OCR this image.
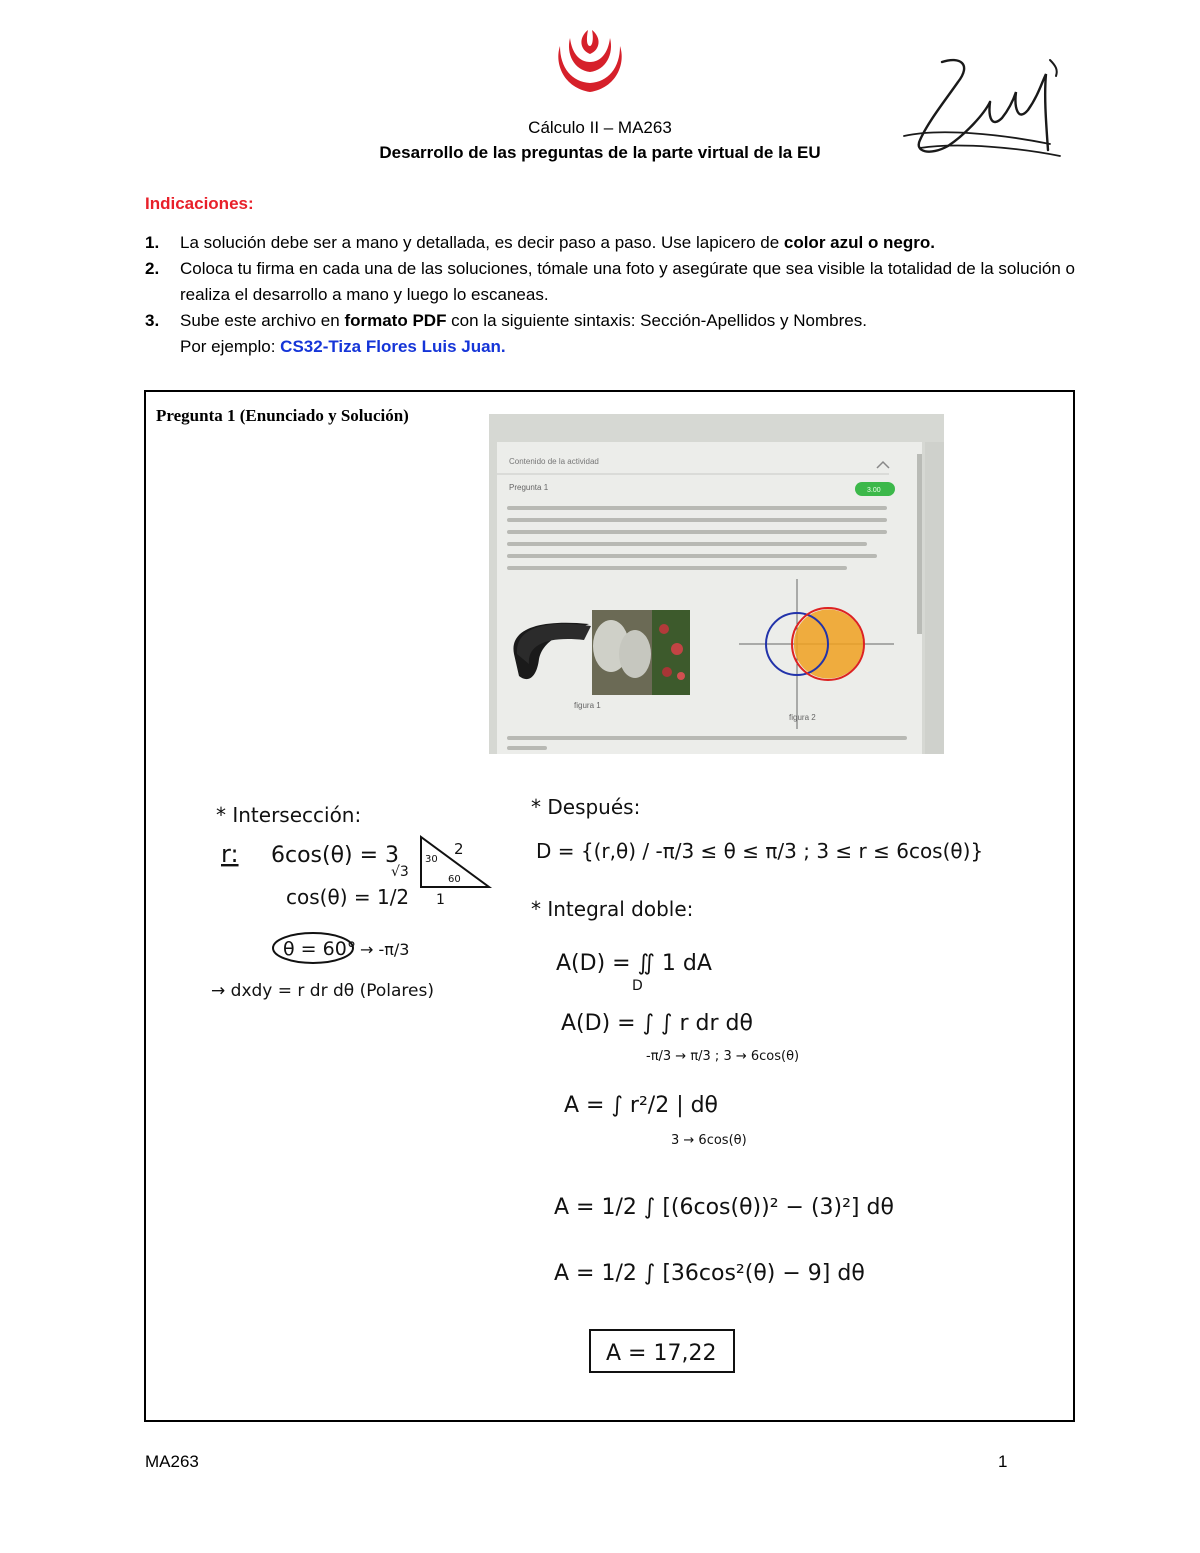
Cálculo II – MA263
Desarrollo de las preguntas de la parte virtual de la EU
Indicaciones:
1.	La solución debe ser a mano y detallada, es decir paso a paso. Use lapicero de color azul o negro.
2.	Coloca tu firma en cada una de las soluciones, tómale una foto y asegúrate que sea visible la totalidad de la solución o realiza el desarrollo a mano y luego lo escaneas.
3.	Sube este archivo en formato PDF con la siguiente sintaxis: Sección-Apellidos y Nombres.
Por ejemplo: CS32-Tiza Flores Luis Juan.
Pregunta 1 (Enunciado y Solución)
Contenido de la actividad
Pregunta 1	3.00
figura 1
figura 2
* Intersección:
r: 6cos(θ) = 3
cos(θ) = 1/2
√3
2
1
30
60
θ = 60° → -π/3
→ dxdy = r dr dθ (Polares)
* Después:
D = {(r,θ) / -π/3 ≤ θ ≤ π/3 ; 3 ≤ r ≤ 6cos(θ)}
* Integral doble:
A(D) = ∬ 1 dA
D
A(D) = ∫ ∫ r dr dθ
-π/3 → π/3 ; 3 → 6cos(θ)
A = ∫ r²/2 | dθ
3 → 6cos(θ)
A = 1/2 ∫ [(6cos(θ))² − (3)²] dθ
A = 1/2 ∫ [36cos²(θ) − 9] dθ
A = 17,22
MA263	1
